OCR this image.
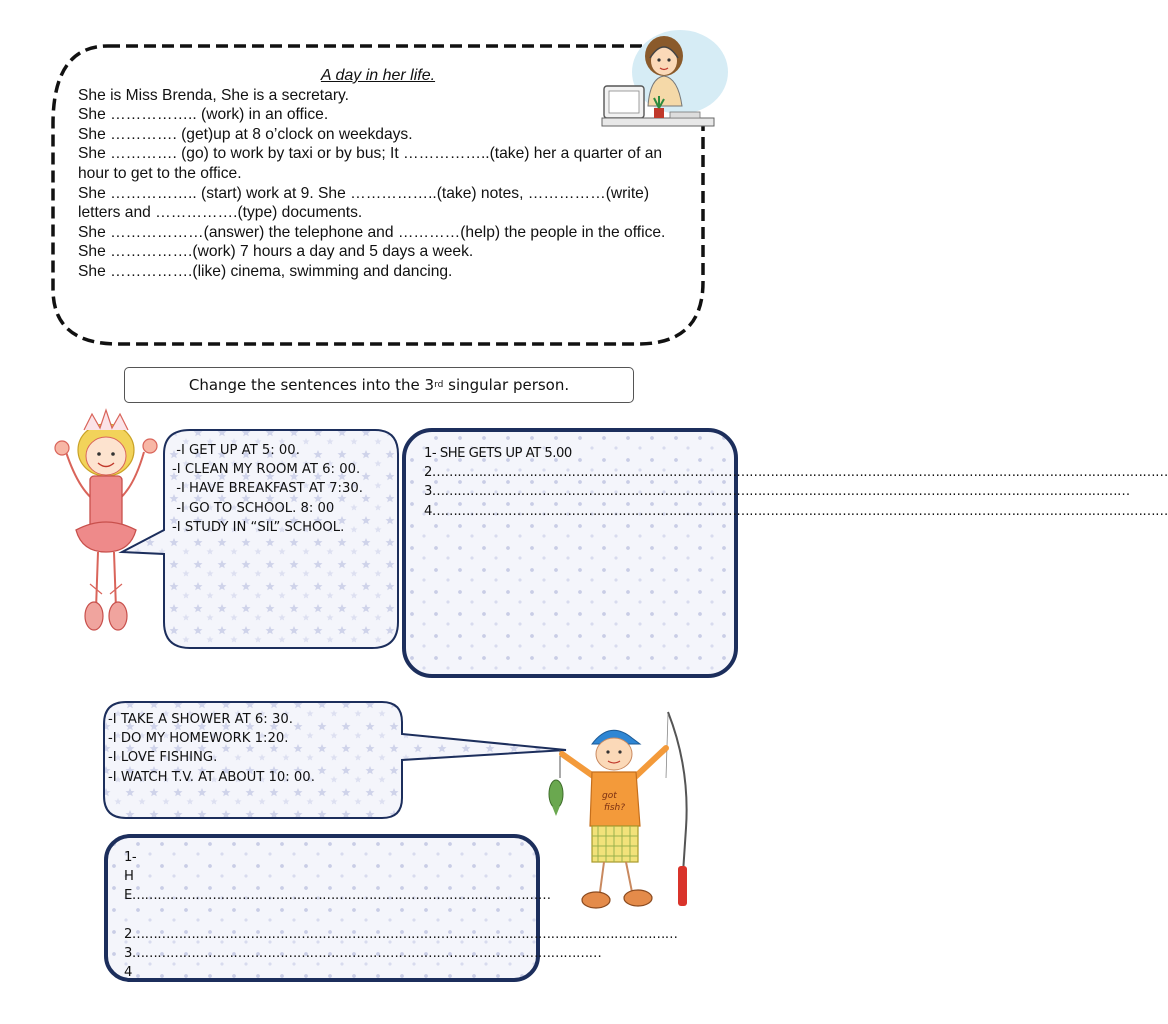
A day in her life.
She is Miss Brenda, She is a secretary.
She …………….. (work) in an office.
She …………. (get)up at 8 o’clock on weekdays.
She …………. (go) to work by taxi or by bus; It ……………..(take) her a quarter of an hour to get to the office.
She …………….. (start) work at 9. She ……………..(take) notes, ……………(write) letters and …………….(type) documents.
She ………………(answer) the telephone and …………(help) the people in the office.
She …………….(work) 7 hours a day and 5 days a week.
She …………….(like) cinema, swimming and dancing.
Change the sentences into the 3 rd singular person.
-I GET UP AT 5: 00.
-I CLEAN MY ROOM AT 6: 00.
-I HAVE BREAKFAST AT 7:30.
-I GO TO SCHOOL. 8: 00
-I STUDY IN “SIL” SCHOOL.
1- SHE GETS UP AT 5.00
2…………………………………………………………………………………………………………………………………………………………
3…………………………………………………………………………………………………………………………………………………
4…………………………………………………………………………………………………………………………………………………………
-I TAKE A SHOWER AT 6: 30.
-I DO MY HOMEWORK 1:20.
-I LOVE FISHING.
-I WATCH T.V. AT ABOUT 10: 00.
got
fish?
1-
HE………………………………………………………………………………………
2…………………………………………………………………………………………………………………3…………………………………………………………………………………………………4
